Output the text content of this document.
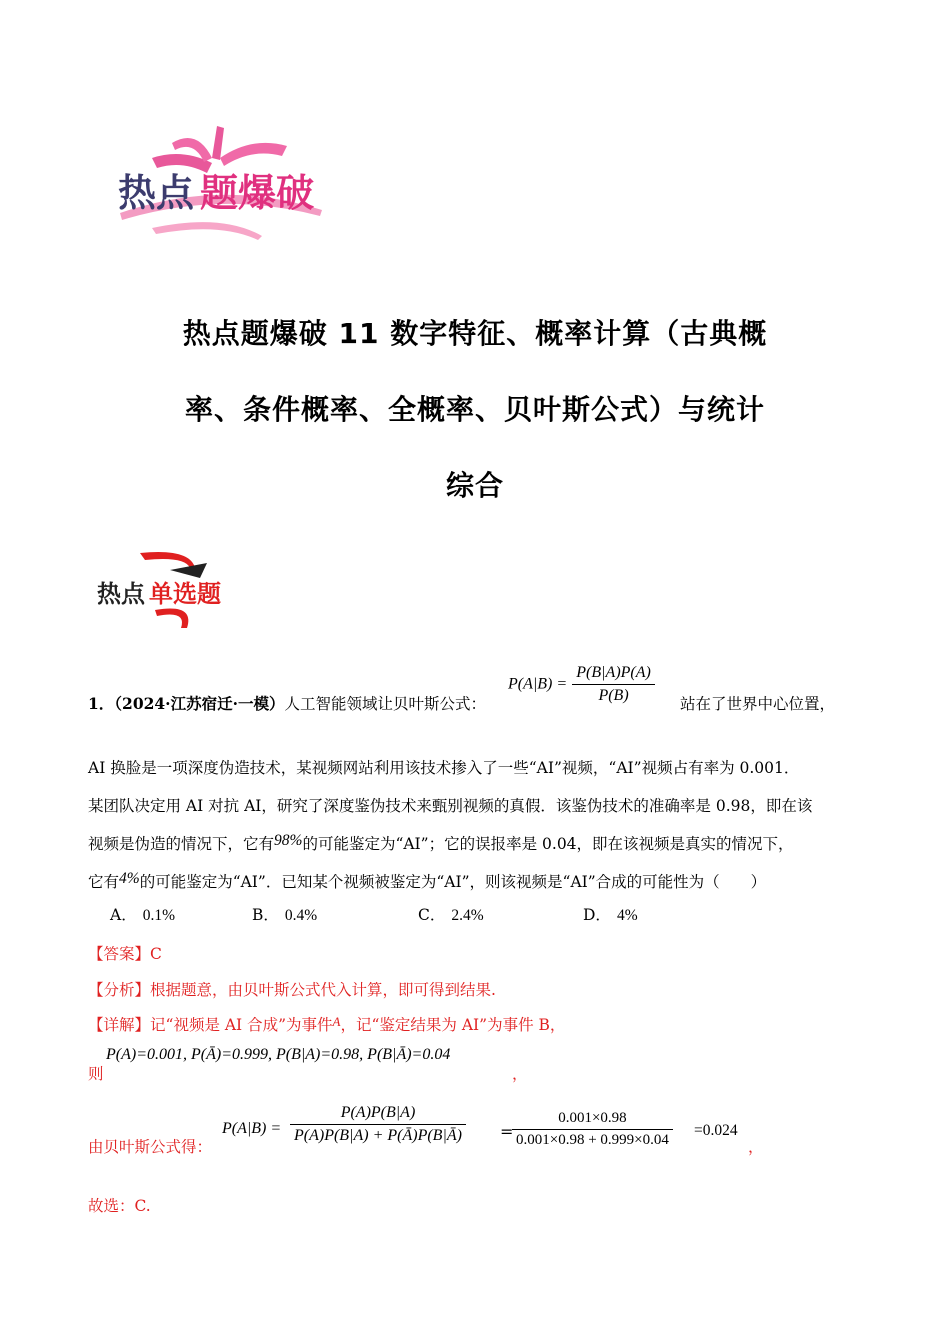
热点 题爆破
热点题爆破 11 数字特征、概率计算（古典概
率、条件概率、全概率、贝叶斯公式）与统计
综合
热点 单选题
1．（2024·江苏宿迁·一模）人工智能领域让贝叶斯公式：
$P(A|B) = \frac{P(B|A)P(A)}{P(B)}$ 站在了世界中心位置，
AI 换脸是一项深度伪造技术，某视频网站利用该技术掺入了一些“AI”视频，“AI”视频占有率为 0.001．
某团队决定用 AI 对抗 AI，研究了深度鉴伪技术来甄别视频的真假．该鉴伪技术的准确率是 0.98，即在该
视频是伪造的情况下，它有98%的可能鉴定为“AI”；它的误报率是 0.04，即在该视频是真实的情况下，
它有4%的可能鉴定为“AI”．已知某个视频被鉴定为“AI”，则该视频是“AI”合成的可能性为（　　）
A． 0.1%	B． 0.4%	C． 2.4%	D． 4%
【答案】C
【分析】根据题意，由贝叶斯公式代入计算，即可得到结果.
【详解】记“视频是 AI 合成”为事件$^A$，记“鉴定结果为 AI”为事件 B，
则
P(A)=0.001, P(Ā)=0.999, P(B|A)=0.98, P(B|Ā)=0.04
，
由贝叶斯公式得：
$P(A|B) = \frac{P(A)P(B|A)}{P(A)P(B|A) + P(Ā)P(B|Ā)}$ =
$\frac{0.001\times 0.98}{0.001\times 0.98 + 0.999\times 0.04} =0.024$
，
故选：C.
